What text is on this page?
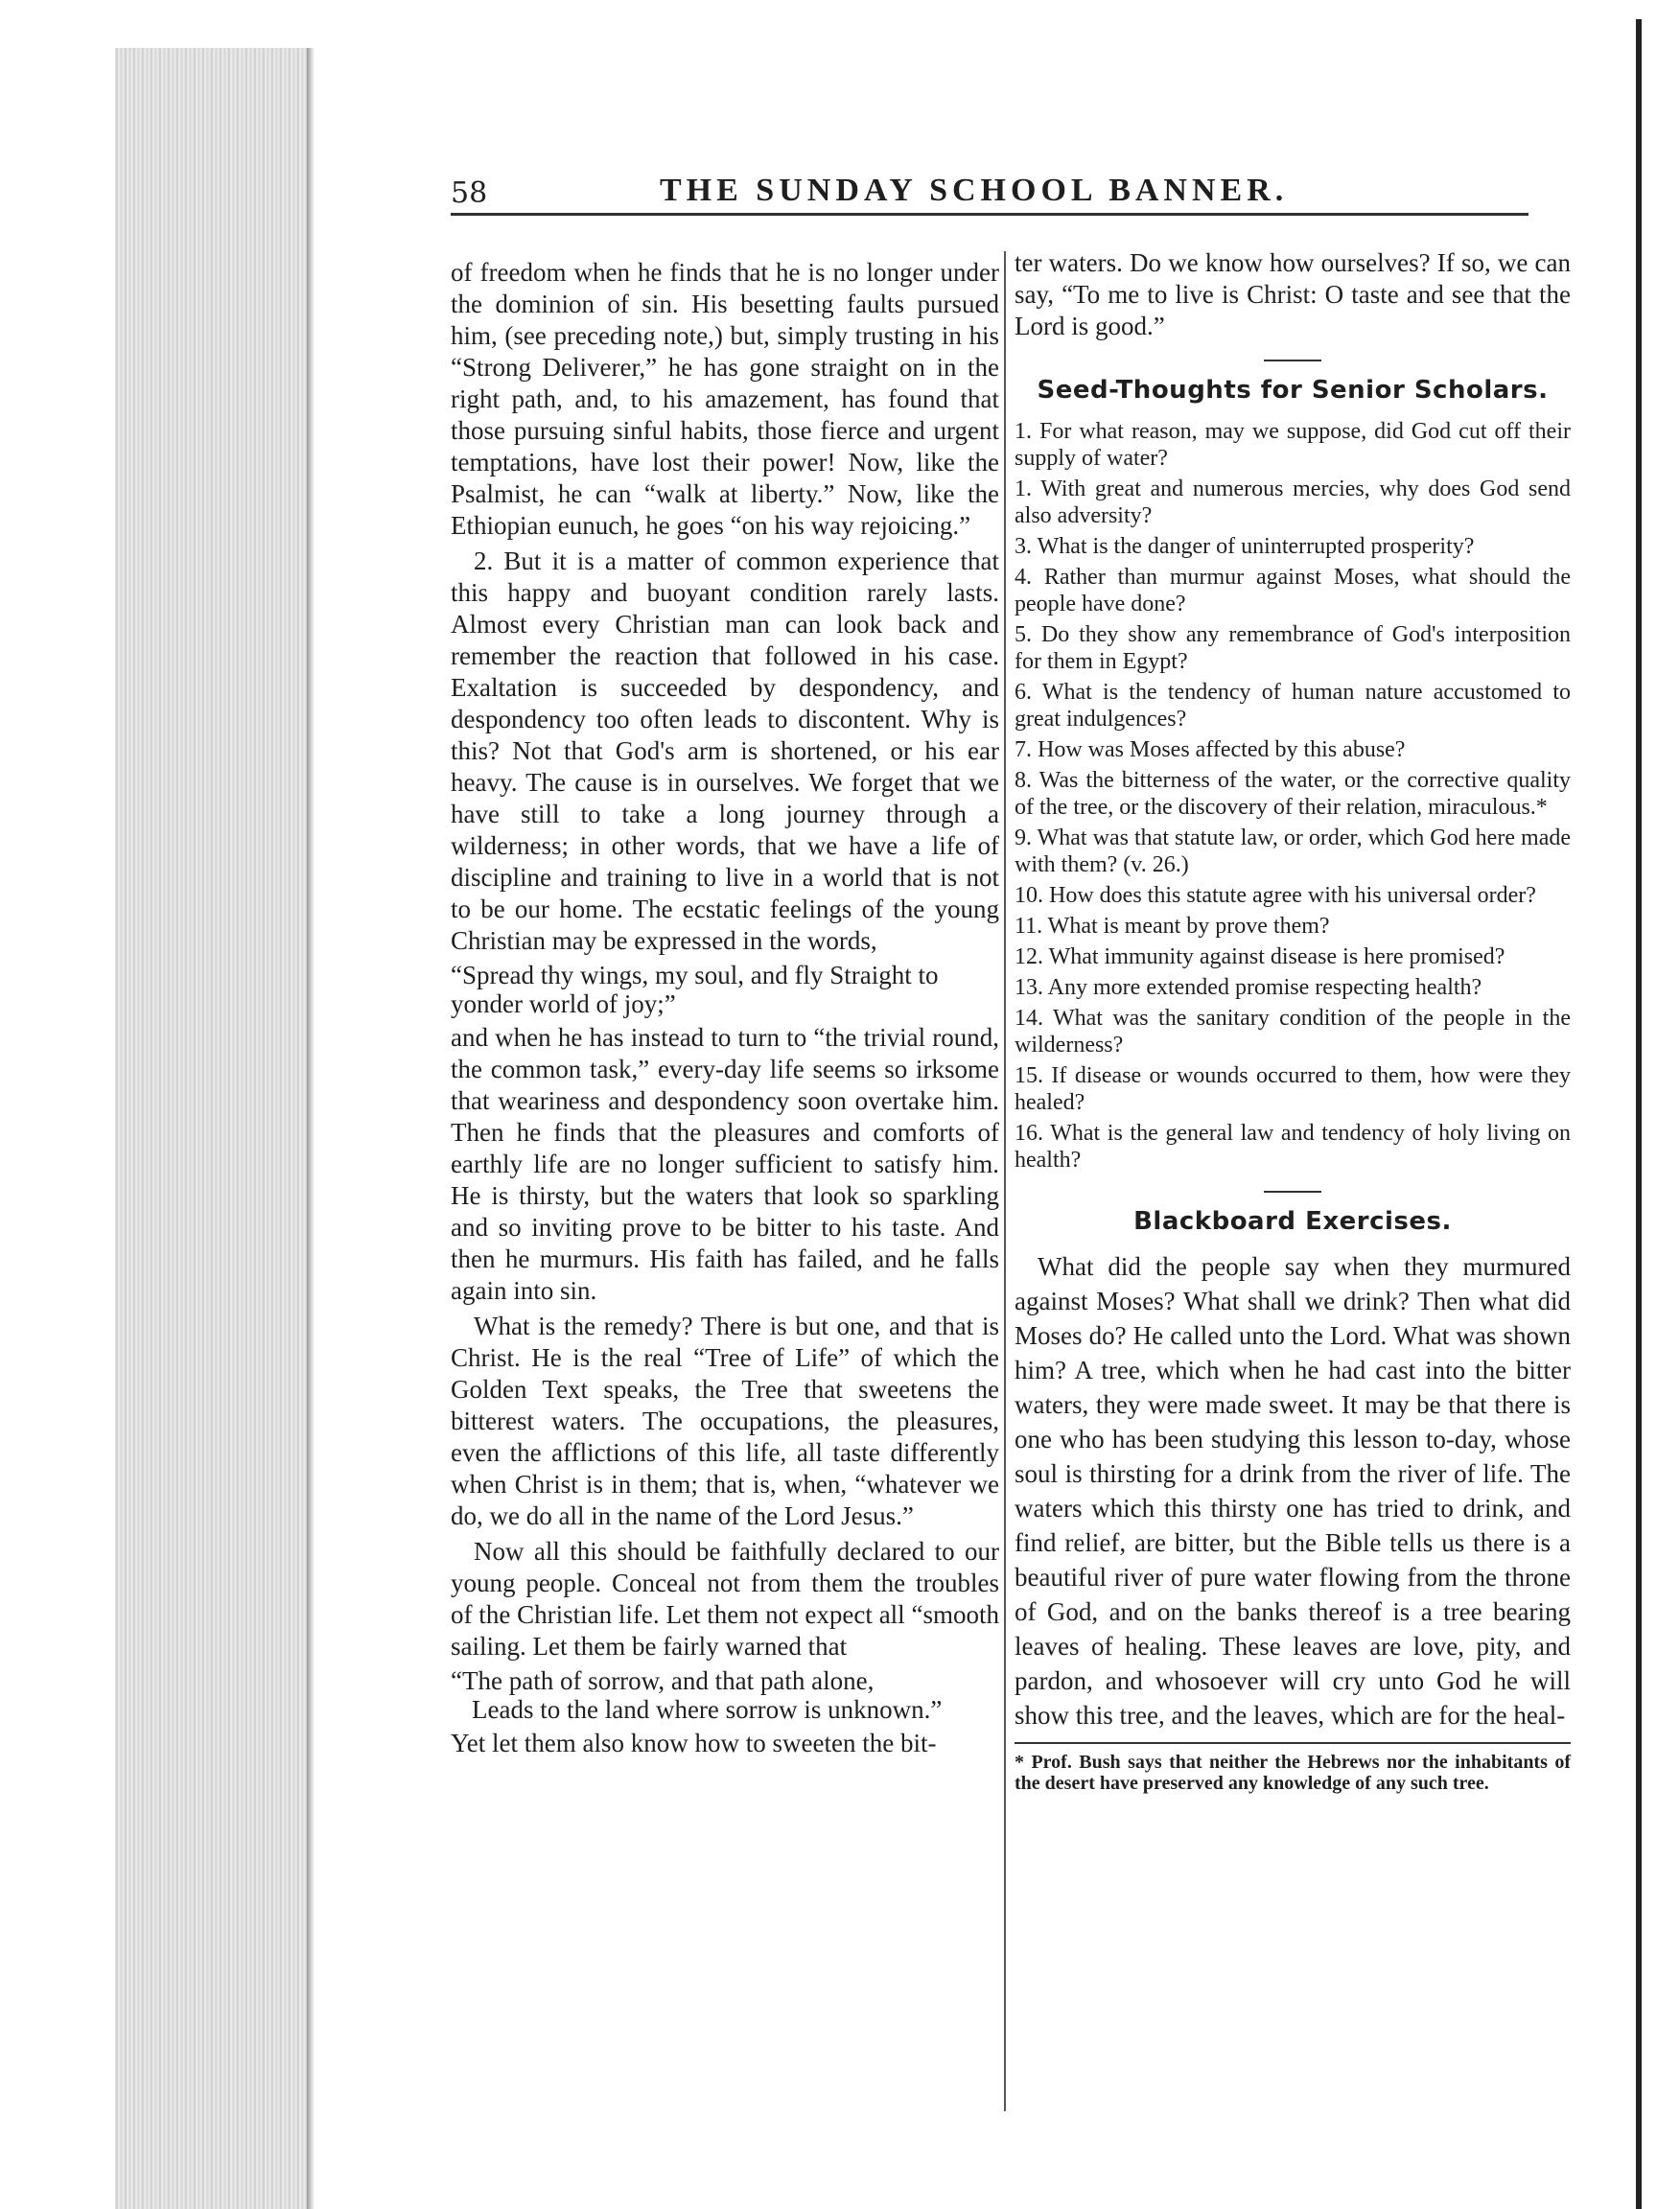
58	THE SUNDAY SCHOOL BANNER.

of freedom when he finds that he is no longer under the dominion of sin. His besetting faults pursued him, (see preceding note,) but, simply trusting in his “Strong Deliverer,” he has gone straight on in the right path, and, to his amazement, has found that those pursuing sinful habits, those fierce and urgent temptations, have lost their power! Now, like the Psalmist, he can “walk at liberty.” Now, like the Ethiopian eunuch, he goes “on his way rejoicing.”

2. But it is a matter of common experience that this happy and buoyant condition rarely lasts. Almost every Christian man can look back and remember the reaction that followed in his case. Exaltation is succeeded by despondency, and despondency too often leads to discontent. Why is this? Not that God's arm is shortened, or his ear heavy. The cause is in ourselves. We forget that we have still to take a long journey through a wilderness; in other words, that we have a life of discipline and training to live in a world that is not to be our home. The ecstatic feelings of the young Christian may be expressed in the words,

“Spread thy wings, my soul, and fly Straight to yonder world of joy;”

and when he has instead to turn to “the trivial round, the common task,” every-day life seems so irksome that weariness and despondency soon overtake him. Then he finds that the pleasures and comforts of earthly life are no longer sufficient to satisfy him. He is thirsty, but the waters that look so sparkling and so inviting prove to be bitter to his taste. And then he murmurs. His faith has failed, and he falls again into sin.

What is the remedy? There is but one, and that is Christ. He is the real “Tree of Life” of which the Golden Text speaks, the Tree that sweetens the bitterest waters. The occupations, the pleasures, even the afflictions of this life, all taste differently when Christ is in them; that is, when, “whatever we do, we do all in the name of the Lord Jesus.”

Now all this should be faithfully declared to our young people. Conceal not from them the troubles of the Christian life. Let them not expect all “smooth sailing. Let them be fairly warned that

“The path of sorrow, and that path alone,
Leads to the land where sorrow is unknown.”

Yet let them also know how to sweeten the bit-

ter waters. Do we know how ourselves? If so, we can say, “To me to live is Christ: O taste and see that the Lord is good.”

Seed-Thoughts for Senior Scholars.

1. For what reason, may we suppose, did God cut off their supply of water?

1. With great and numerous mercies, why does God send also adversity?

3. What is the danger of uninterrupted prosperity?

4. Rather than murmur against Moses, what should the people have done?

5. Do they show any remembrance of God's interposition for them in Egypt?

6. What is the tendency of human nature accustomed to great indulgences?

7. How was Moses affected by this abuse?

8. Was the bitterness of the water, or the corrective quality of the tree, or the discovery of their relation, miraculous.*

9. What was that statute law, or order, which God here made with them? (v. 26.)

10. How does this statute agree with his universal order?

11. What is meant by prove them?

12. What immunity against disease is here promised?

13. Any more extended promise respecting health?

14. What was the sanitary condition of the people in the wilderness?

15. If disease or wounds occurred to them, how were they healed?

16. What is the general law and tendency of holy living on health?

Blackboard Exercises.

What did the people say when they murmured against Moses? What shall we drink? Then what did Moses do? He called unto the Lord. What was shown him? A tree, which when he had cast into the bitter waters, they were made sweet. It may be that there is one who has been studying this lesson to-day, whose soul is thirsting for a drink from the river of life. The waters which this thirsty one has tried to drink, and find relief, are bitter, but the Bible tells us there is a beautiful river of pure water flowing from the throne of God, and on the banks thereof is a tree bearing leaves of healing. These leaves are love, pity, and pardon, and whosoever will cry unto God he will show this tree, and the leaves, which are for the heal-

* Prof. Bush says that neither the Hebrews nor the inhabitants of the desert have preserved any knowledge of any such tree.
